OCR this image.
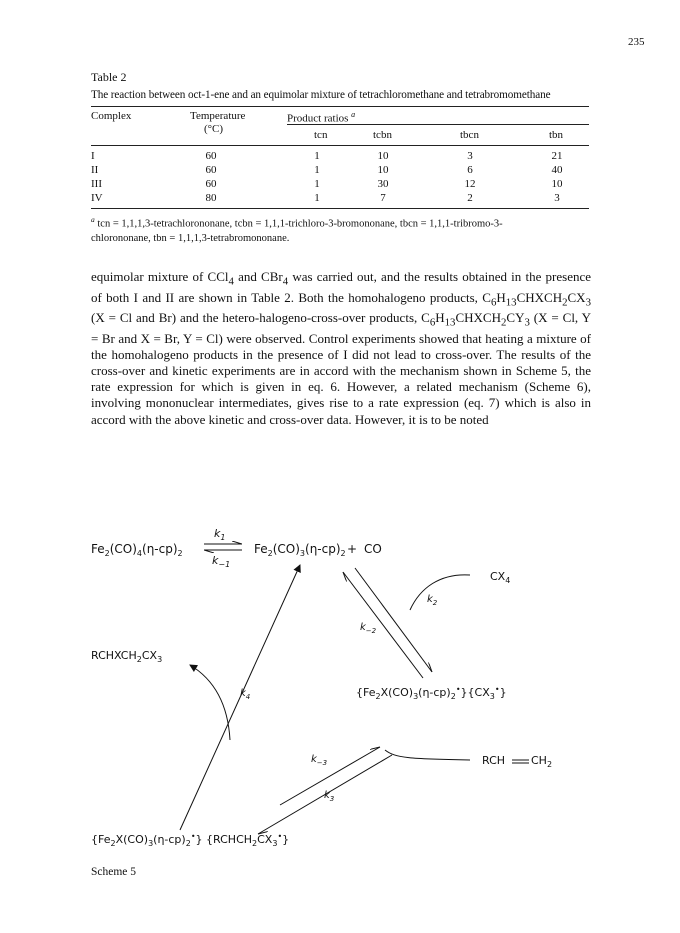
235
Table 2
The reaction between oct-1-ene and an equimolar mixture of tetrachloromethane and tetrabromomethane
Complex	Temperature
(°C)
Product ratios $^a$
tcn	tcbn	tbcn	tbn
I	60	1	10	3	21
II	60	1	10	6	40
III	60	1	30	12	10
IV	80	1	7	2	3
$^a$ tcn = 1,1,1,3-tetrachlorononane, tcbn = 1,1,1-trichloro-3-bromononane, tbcn = 1,1,1-tribromo-3-
chlorononane, tbn = 1,1,1,3-tetrabromononane.

equimolar mixture of CCl$_4$ and CBr$_4$ was carried out, and the results obtained in the presence of both I and II are shown in Table 2. Both the homohalogeno products, $C_6H_{13}CHXCH_2CX_3$ (X = Cl and Br) and the hetero-halogeno-cross-over products, $C_6H_{13}CHXCH_2CY_3$ (X = Cl, Y = Br and X = Br, Y = Cl) were observed. Control experiments showed that heating a mixture of the homohalogeno products in the presence of I did not lead to cross-over. The results of the cross-over and kinetic experiments are in accord with the mechanism shown in Scheme 5, the rate expression for which is given in eq. 6. However, a related mechanism (Scheme 6), involving mononuclear intermediates, gives rise to a rate expression (eq. 7) which is also in accord with the above kinetic and cross-over data. However, it is to be noted

$Fe_2(CO)_4(\eta-cp)_2$
$k_1$
$k_{-1}$
$Fe_2(CO)_3(\eta-cp)_2$ + CO
$RCHXCH_2CX_3$
$k_4$
$CX_4$
$k_2$
$k_{-2}$
$\{Fe_2X(CO)_3(\eta-cp)_2^•\}\{CX_3^•\}$
$k_{-3}$
$k_3$
RCH $CH_2$
$\{Fe_2X(CO)_3(\eta-cp)_2^•\}$ $\{RCHCH_2CX_3^•\}$
Scheme 5
